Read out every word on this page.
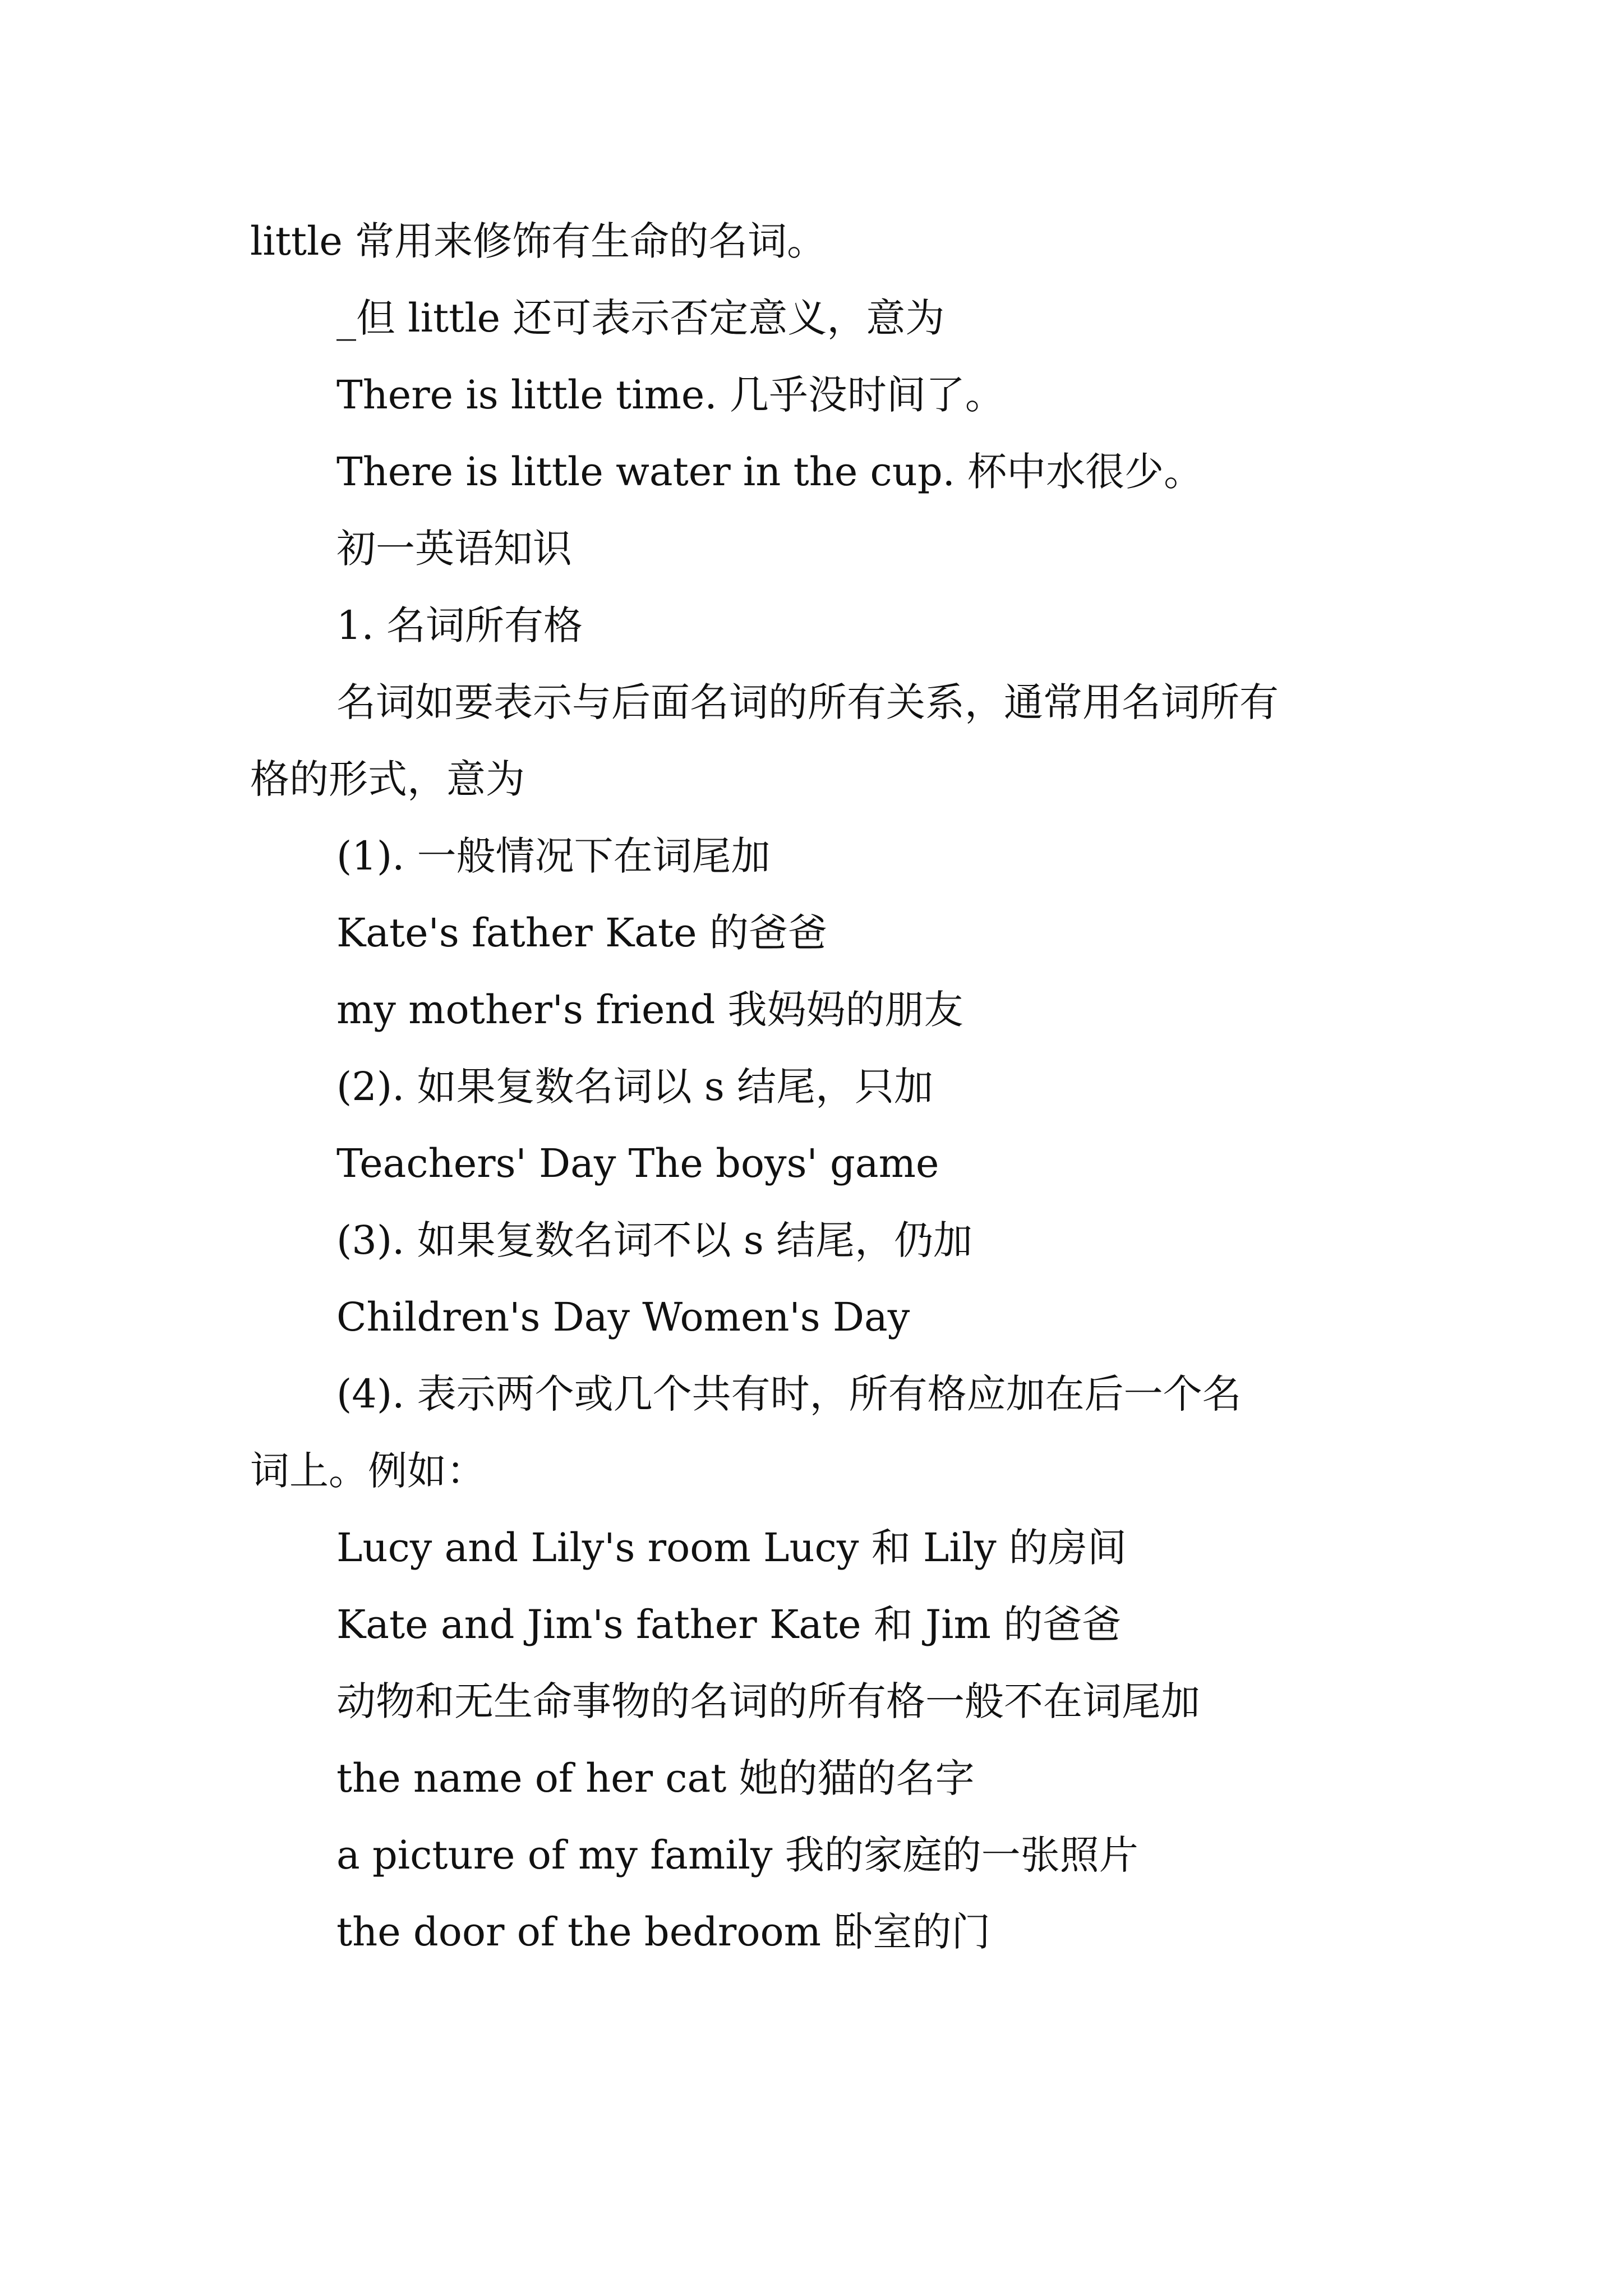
little 常用来修饰有生命的名词。

_但 little 还可表示否定意义，意为

There is little time. 几乎没时间了。

There is little water in the cup. 杯中水很少。

初一英语知识

1. 名词所有格

名词如要表示与后面名词的所有关系，通常用名词所有

格的形式，意为

(1). 一般情况下在词尾加

Kate's father Kate 的爸爸

my mother's friend 我妈妈的朋友

(2). 如果复数名词以 s 结尾，只加

Teachers' Day The boys' game

(3). 如果复数名词不以 s 结尾，仍加

Children's Day Women's Day

(4). 表示两个或几个共有时，所有格应加在后一个名

词上。例如：

Lucy and Lily's room Lucy 和 Lily 的房间

Kate and Jim's father Kate 和 Jim 的爸爸

动物和无生命事物的名词的所有格一般不在词尾加

the name of her cat 她的猫的名字

a picture of my family 我的家庭的一张照片

the door of the bedroom 卧室的门
